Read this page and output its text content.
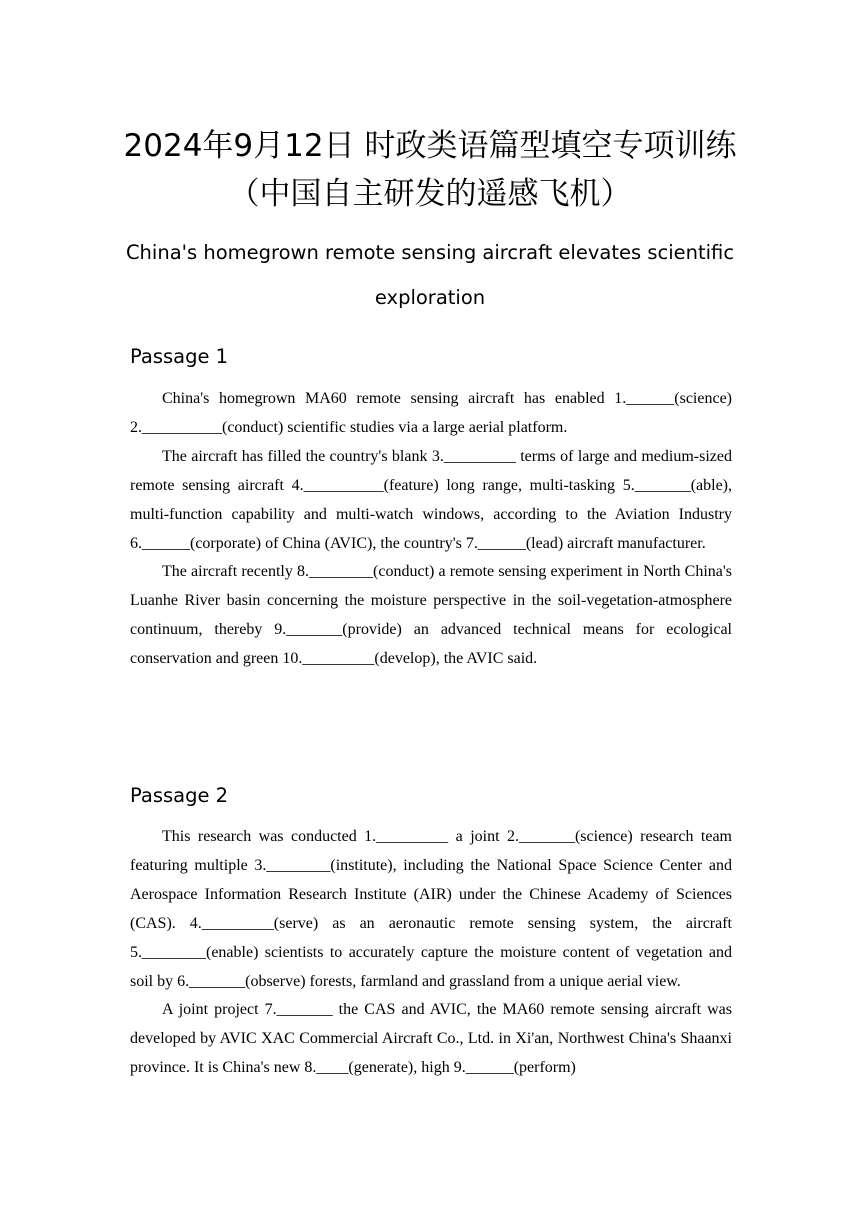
2024年9月12日 时政类语篇型填空专项训练（中国自主研发的遥感飞机）
China's homegrown remote sensing aircraft elevates scientific exploration
Passage 1

China's homegrown MA60 remote sensing aircraft has enabled 1.______(science) 2.__________(conduct) scientific studies via a large aerial platform.

The aircraft has filled the country's blank 3._________ terms of large and medium-sized remote sensing aircraft 4.__________(feature) long range, multi-tasking 5._______(able), multi-function capability and multi-watch windows, according to the Aviation Industry 6.______(corporate) of China (AVIC), the country's 7.______(lead) aircraft manufacturer.

The aircraft recently 8.________(conduct) a remote sensing experiment in North China's Luanhe River basin concerning the moisture perspective in the soil-vegetation-atmosphere continuum, thereby 9._______(provide) an advanced technical means for ecological conservation and green 10._________(develop), the AVIC said.

Passage 2

This research was conducted 1._________ a joint 2._______(science) research team featuring multiple 3.________(institute), including the National Space Science Center and Aerospace Information Research Institute (AIR) under the Chinese Academy of Sciences (CAS). 4._________(serve) as an aeronautic remote sensing system, the aircraft 5.________(enable) scientists to accurately capture the moisture content of vegetation and soil by 6._______(observe) forests, farmland and grassland from a unique aerial view.

A joint project 7._______ the CAS and AVIC, the MA60 remote sensing aircraft was developed by AVIC XAC Commercial Aircraft Co., Ltd. in Xi'an, Northwest China's Shaanxi province. It is China's new 8.____(generate), high 9.______(perform)
